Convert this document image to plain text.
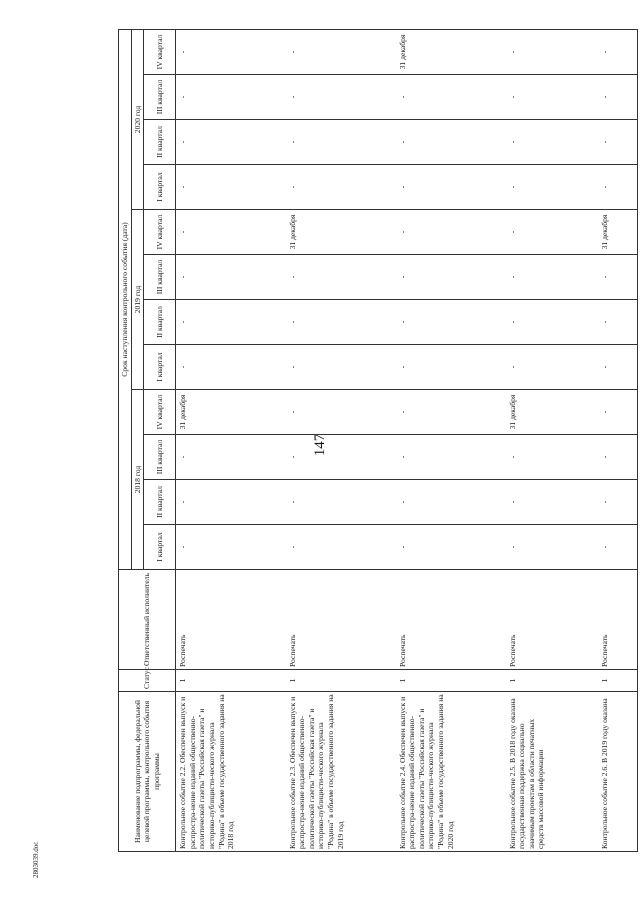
147
2803039.doc
Наименование подпрограммы, федеральной целевой программы, контрольного события программы	Статус	Ответственный исполнитель	Срок наступления контрольного события (дата)											
			2018 год				2019 год				2020 год			
			I квартал	II квартал	III квартал	IV квартал	I квартал	II квартал	III квартал	IV квартал	I квартал	II квартал	III квартал	IV квартал
Контрольное событие 2.2. Обеспечен выпуск и распростра-нение изданий общественно-политической газеты "Российская газета" и историко-публицисти-ческого журнала "Родина" в объеме государственного задания на 2018 год	1	Роспечать	-	-	-	31 декабря	-	-	-	-	-	-	-	-
Контрольное событие 2.3. Обеспечен выпуск и распростра-нение изданий общественно-политической газеты "Российская газета" и историко-публицисти-ческого журнала "Родина" в объеме государственного задания на 2019 год	1	Роспечать	-	-	-	-	-	-	-	31 декабря	-	-	-	-
Контрольное событие 2.4. Обеспечен выпуск и распростра-нение изданий общественно-политической газеты "Российская газета" и историко-публицисти-ческого журнала "Родина" в объеме государственного задания на 2020 год	1	Роспечать	-	-	-	-	-	-	-	-	-	-	-	31 декабря
Контрольное событие 2.5. В 2018 году оказана государственная поддержка социально значимым проектам в области печатных средств массовой информации	1	Роспечать	-	-	-	31 декабря	-	-	-	-	-	-	-	-
Контрольное событие 2.6. В 2019 году оказана	1	Роспечать	-	-	-	-	-	-	-	31 декабря	-	-	-	-
